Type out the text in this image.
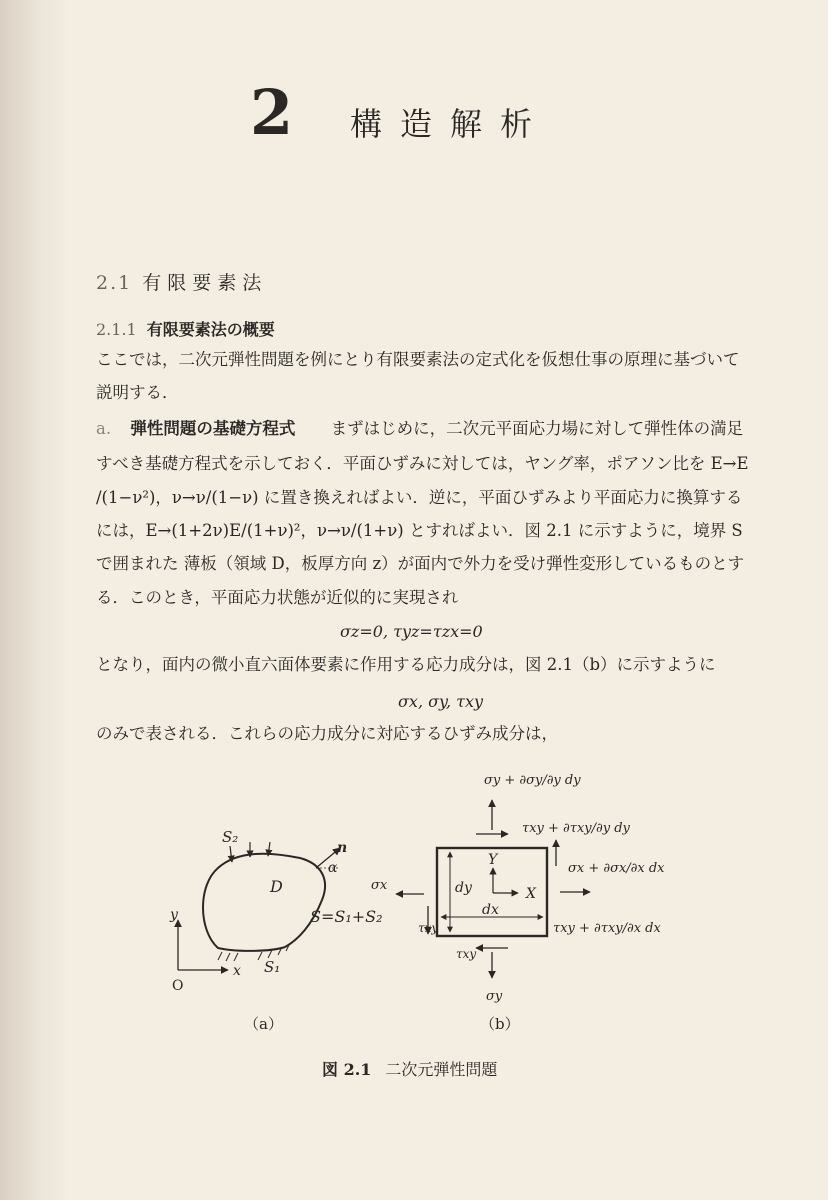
2 構造解析
2.1 有限要素法
2.1.1 有限要素法の概要
ここでは，二次元弾性問題を例にとり有限要素法の定式化を仮想仕事の原理に基づいて
説明する．
a. 弾性問題の基礎方程式 まずはじめに，二次元平面応力場に対して弾性体の満足
すべき基礎方程式を示しておく．平面ひずみに対しては，ヤング率，ポアソン比を E→E
/(1−ν²)，ν→ν/(1−ν) に置き換えればよい．逆に，平面ひずみより平面応力に換算する
には，E→(1+2ν)E/(1+ν)²，ν→ν/(1+ν) とすればよい．図 2.1 に示すように，境界 S
で囲まれた 薄板（領域 D，板厚方向 z）が面内で外力を受け弾性変形しているものとす
る．このとき，平面応力状態が近似的に実現され
σz=0, τyz=τzx=0
となり，面内の微小直六面体要素に作用する応力成分は，図 2.1（b）に示すように
σx, σy, τxy
のみで表される．これらの応力成分に対応するひずみ成分は，
S₂
n
α
D
S=S₁+S₂
S₁
y
x
O
σy + ∂σy/∂y dy
τxy + ∂τxy/∂y dy
σx + ∂σx/∂x dx
τxy + ∂τxy/∂x dx
σx
τxy
τxy
σy
Y
X
dy
dx
（a）	（b）
図 2.1 二次元弾性問題
